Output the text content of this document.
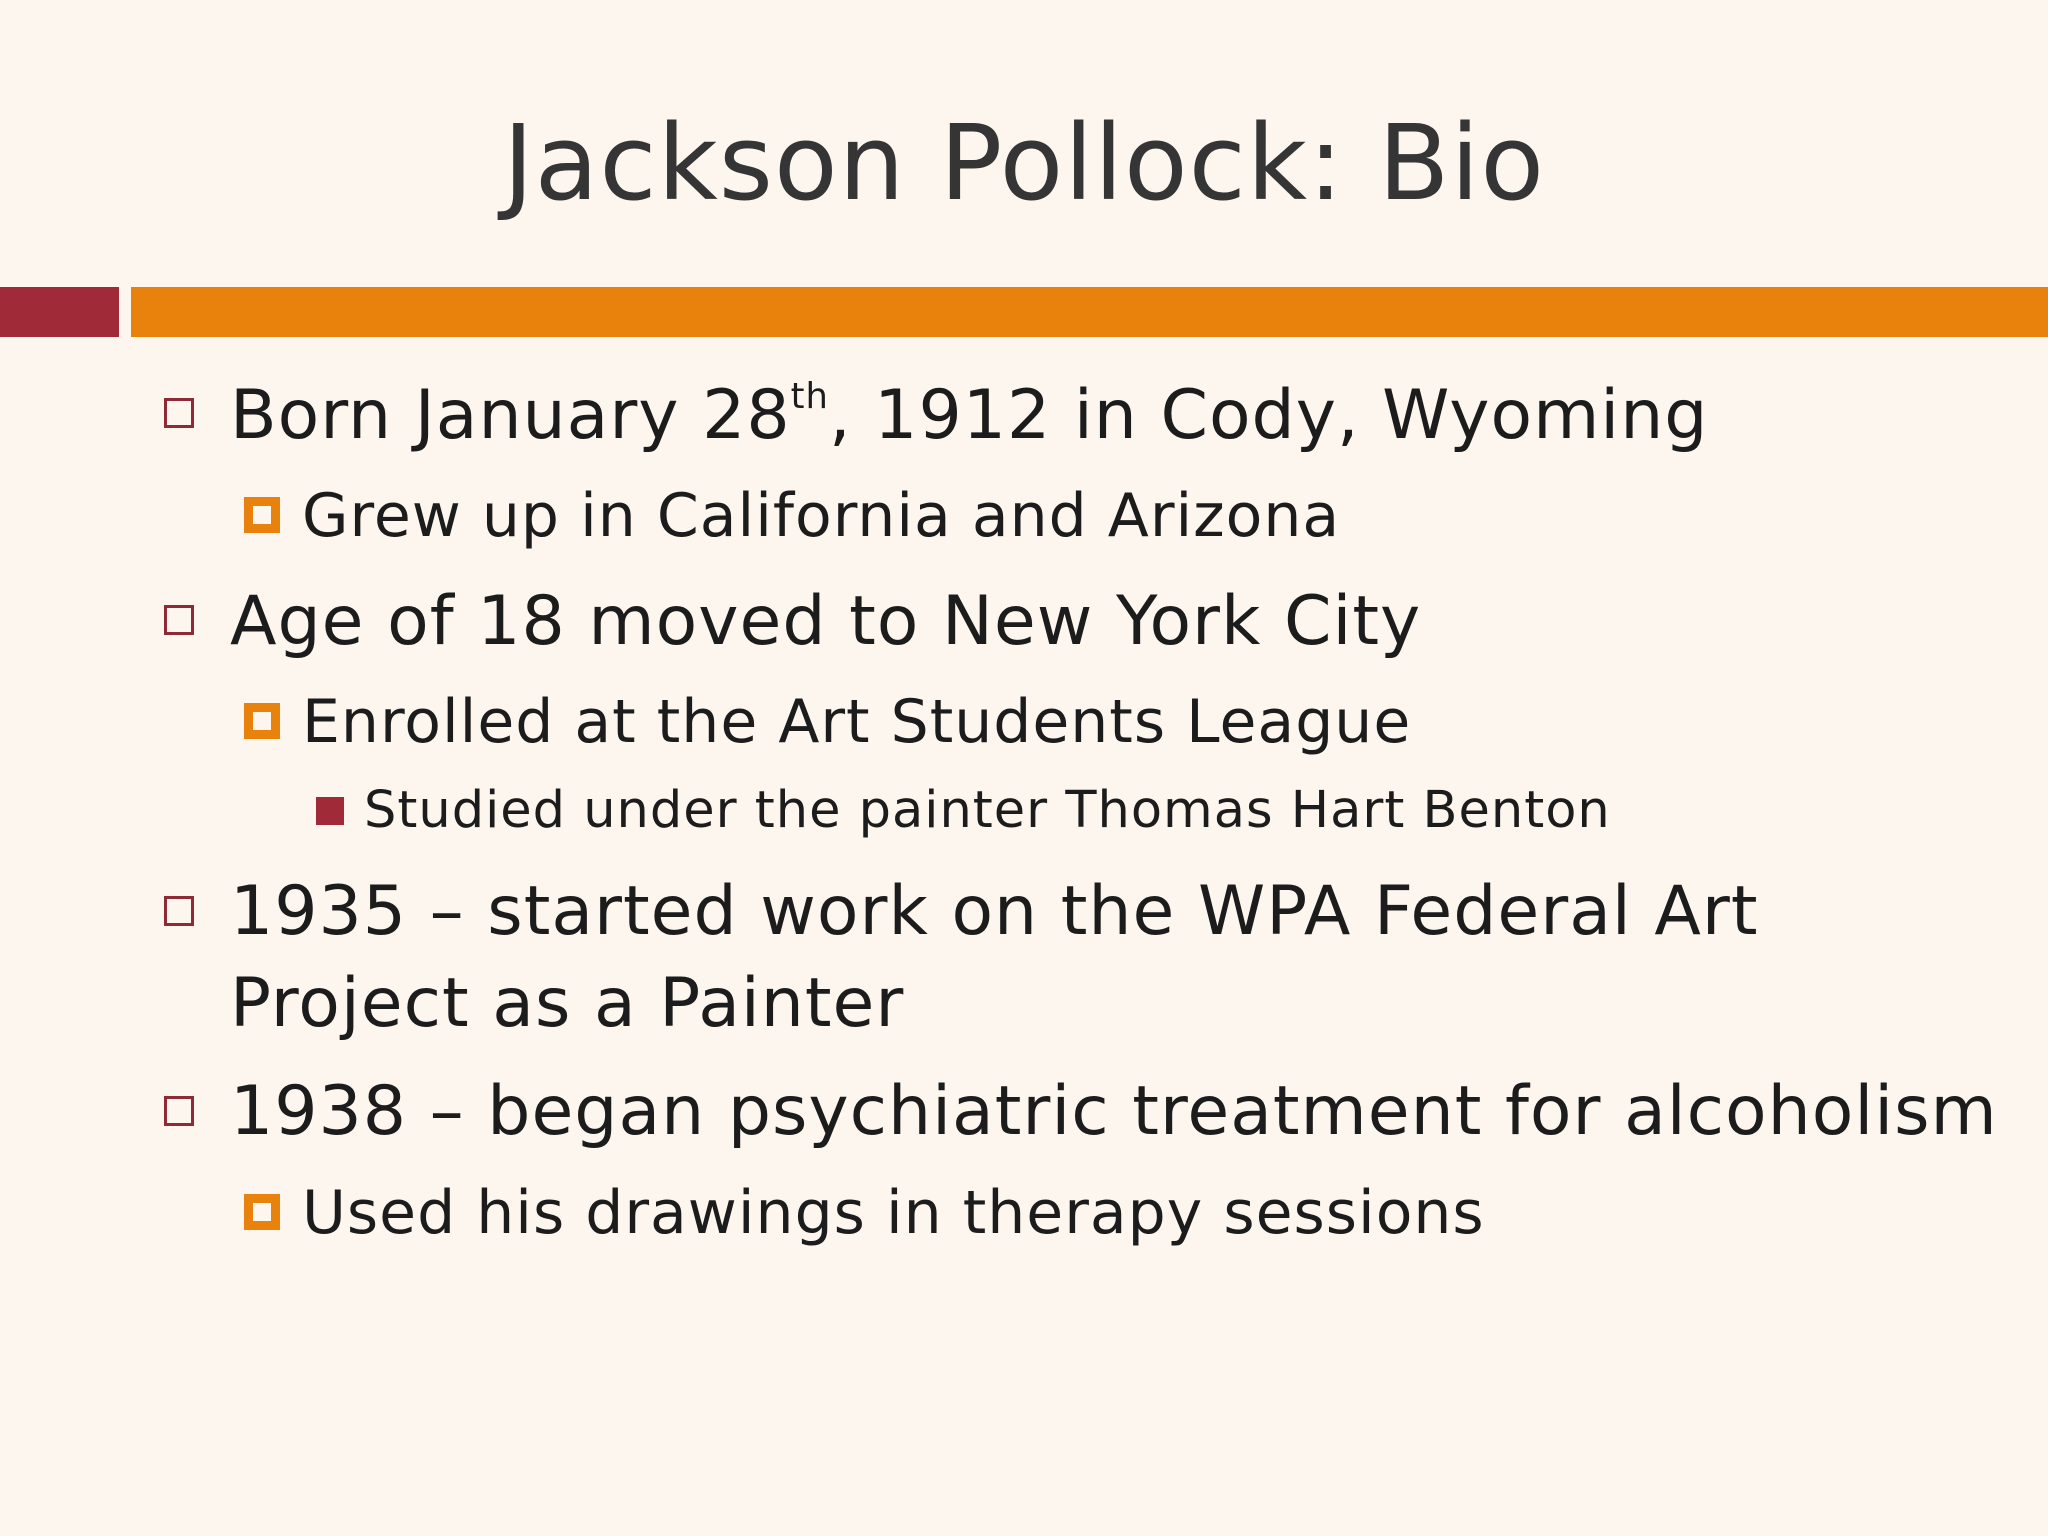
Jackson Pollock: Bio
Born January 28th, 1912 in Cody, Wyoming
Grew up in California and Arizona
Age of 18 moved to New York City
Enrolled at the Art Students League
Studied under the painter Thomas Hart Benton
1935 – started work on the WPA Federal Art
Project as a Painter
1938 – began psychiatric treatment for alcoholism
Used his drawings in therapy sessions
